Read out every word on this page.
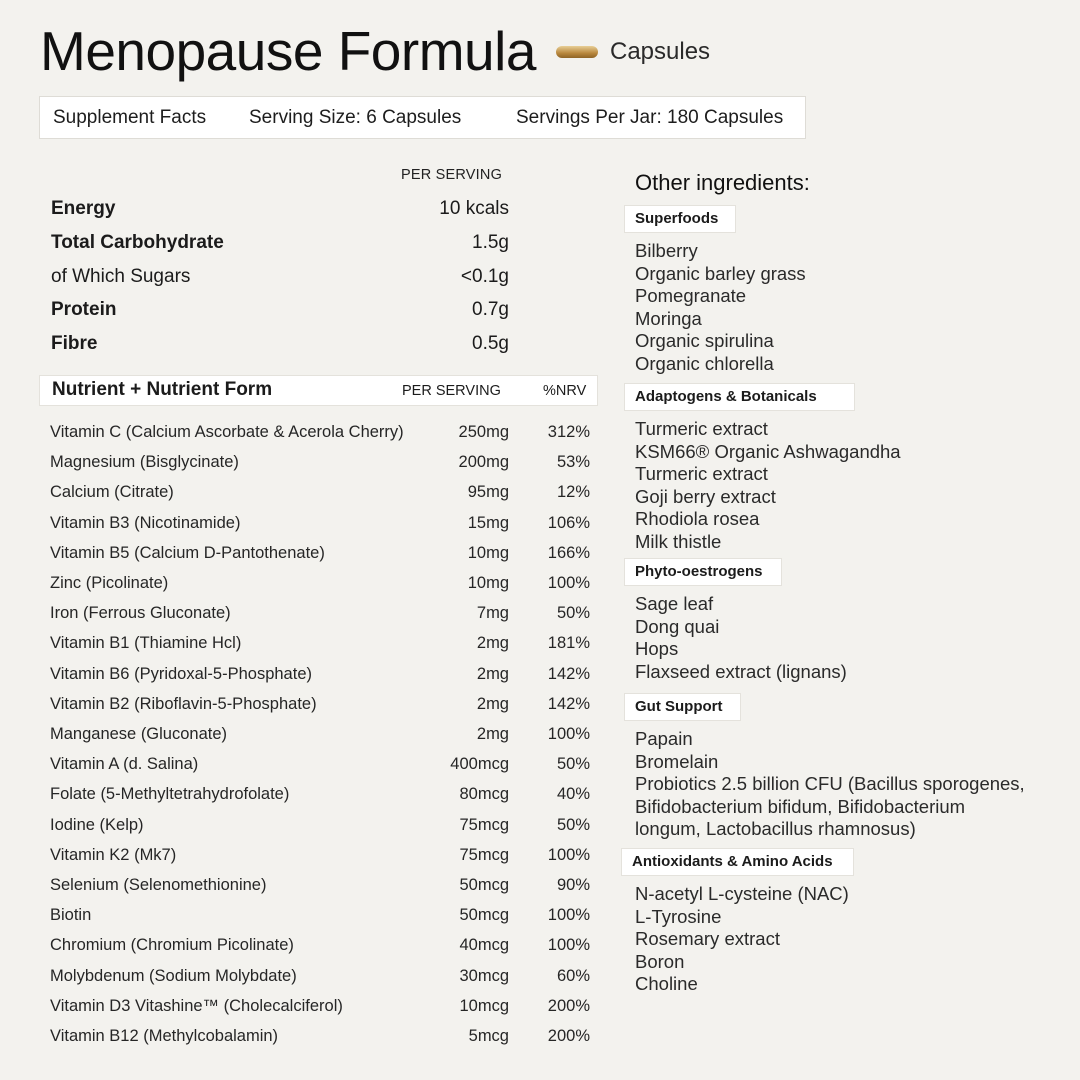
Menopause Formula	Capsules
Supplement Facts Serving Size: 6 Capsules	Servings Per Jar: 180 Capsules
PER SERVING
Energy	10 kcals
Total Carbohydrate	1.5g
of Which Sugars	<0.1g
Protein	0.7g
Fibre	0.5g
Nutrient + Nutrient Form	PER SERVING	%NRV
Vitamin C (Calcium Ascorbate & Acerola Cherry)	250mg 312%
Magnesium (Bisglycinate)	200mg	53%
Calcium (Citrate)	95mg	12%
Vitamin B3 (Nicotinamide)	15mg 106%
Vitamin B5 (Calcium D-Pantothenate)	10mg 166%
Zinc (Picolinate)	10mg 100%
Iron (Ferrous Gluconate)	7mg	50%
Vitamin B1 (Thiamine Hcl)	2mg 181%
Vitamin B6 (Pyridoxal-5-Phosphate)	2mg 142%
Vitamin B2 (Riboflavin-5-Phosphate)	2mg 142%
Manganese (Gluconate)	2mg 100%
Vitamin A (d. Salina)	400mcg	50%
Folate (5-Methyltetrahydrofolate)	80mcg	40%
Iodine (Kelp)	75mcg	50%
Vitamin K2 (Mk7)	75mcg 100%
Selenium (Selenomethionine)	50mcg	90%
Biotin	50mcg 100%
Chromium (Chromium Picolinate)	40mcg 100%
Molybdenum (Sodium Molybdate)	30mcg	60%
Vitamin D3 Vitashine™ (Cholecalciferol)	10mcg 200%
Vitamin B12 (Methylcobalamin)	5mcg 200%
Other ingredients:
Superfoods
Bilberry
Organic barley grass
Pomegranate
Moringa
Organic spirulina
Organic chlorella
Adaptogens & Botanicals
Turmeric extract
KSM66® Organic Ashwagandha
Turmeric extract
Goji berry extract
Rhodiola rosea
Milk thistle
Phyto-oestrogens
Sage leaf
Dong quai
Hops
Flaxseed extract (lignans)
Gut Support
Papain
Bromelain
Probiotics 2.5 billion CFU (Bacillus sporogenes,
Bifidobacterium bifidum, Bifidobacterium
longum, Lactobacillus rhamnosus)
Antioxidants & Amino Acids
N-acetyl L-cysteine (NAC)
L-Tyrosine
Rosemary extract
Boron
Choline
